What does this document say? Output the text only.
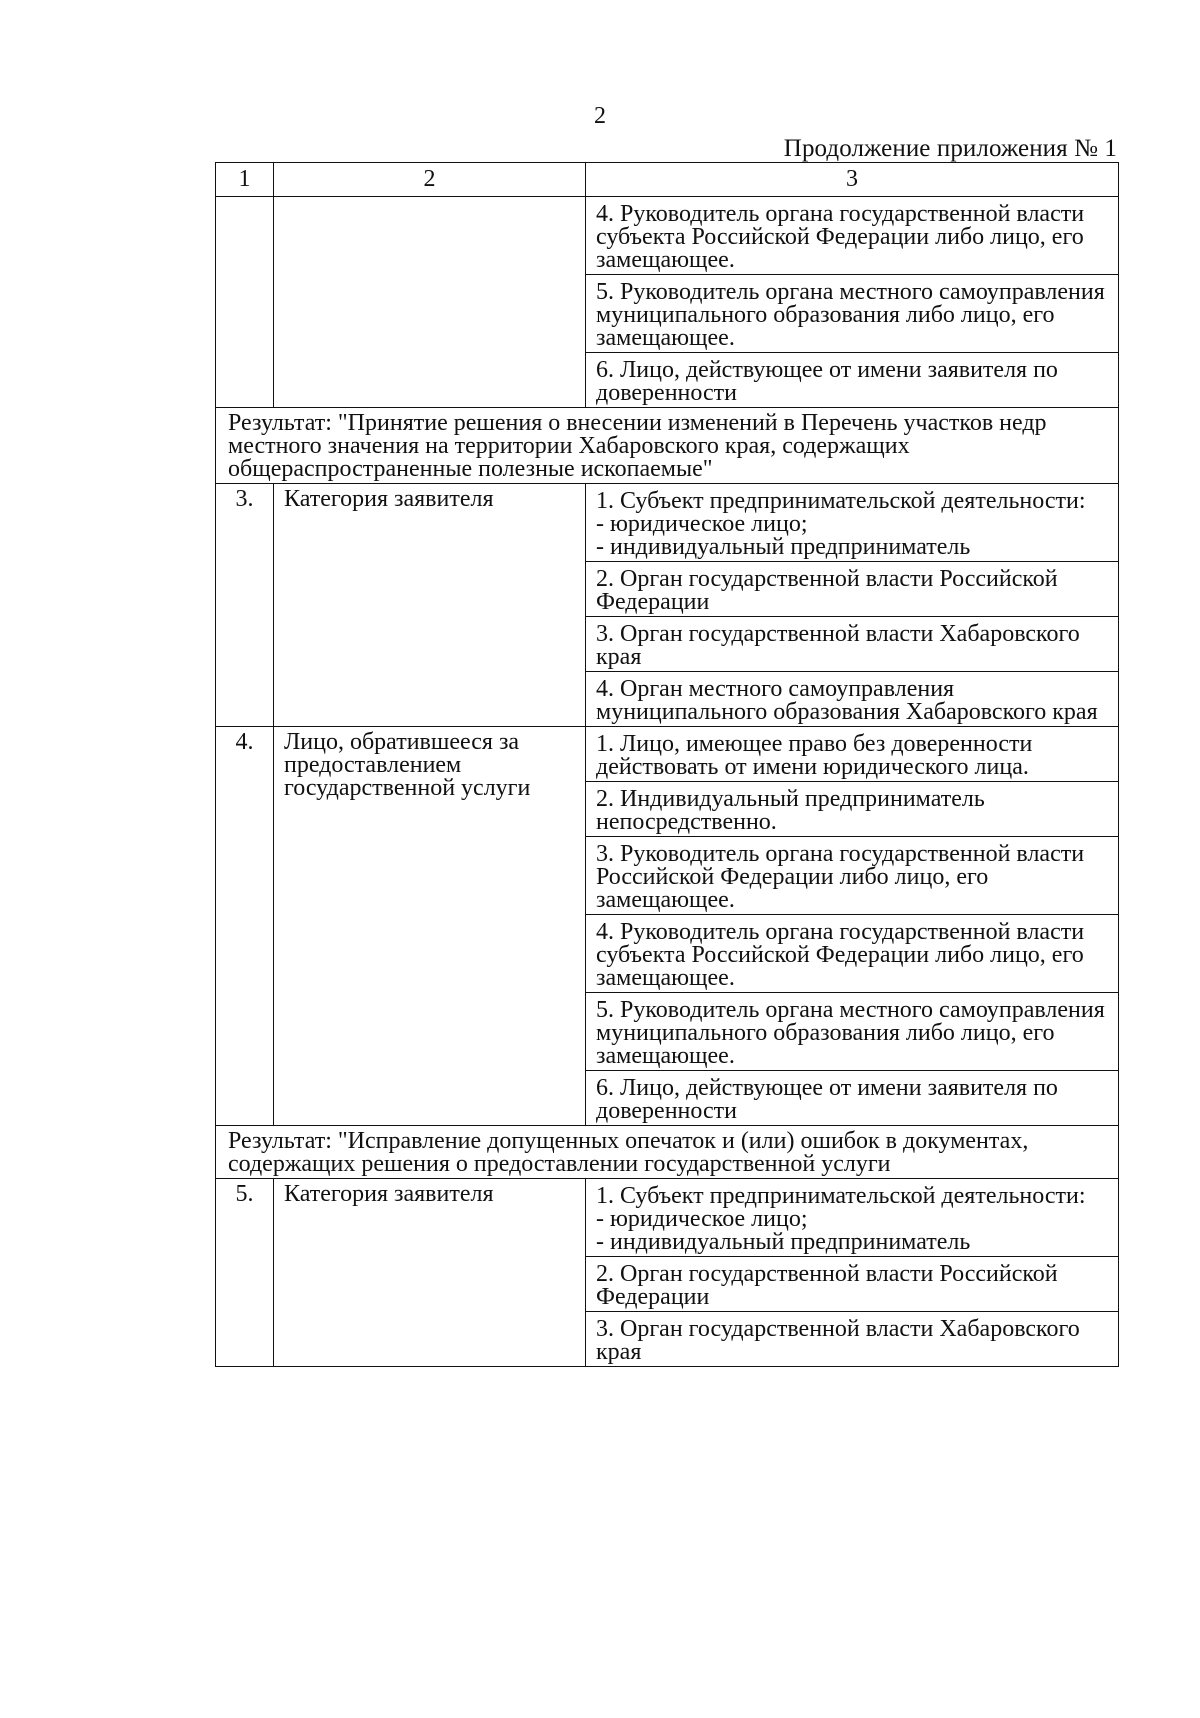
2
Продолжение приложения № 1
1	2	3
		4. Руководитель органа государственной власти субъекта Российской Федерации либо лицо, его замещающее.
		5. Руководитель органа местного самоуправления муниципального образования либо лицо, его замещающее.
		6. Лицо, действующее от имени заявителя по доверенности
Результат: "Принятие решения о внесении изменений в Перечень участков недр местного значения на территории Хабаровского края, содержащих общераспространенные полезные ископаемые"		
3.	Категория заявителя	1. Субъект предпринимательской деятельности:
- юридическое лицо;
- индивидуальный предприниматель
		2. Орган государственной власти Российской Федерации
		3. Орган государственной власти Хабаровского края
		4. Орган местного самоуправления муниципального образования Хабаровского края
4.	Лицо, обратившееся за предоставлением государственной услуги	1. Лицо, имеющее право без доверенности действовать от имени юридического лица.
		2. Индивидуальный предприниматель непосредственно.
		3. Руководитель органа государственной власти Российской Федерации либо лицо, его замещающее.
		4. Руководитель органа государственной власти субъекта Российской Федерации либо лицо, его замещающее.
		5. Руководитель органа местного самоуправления муниципального образования либо лицо, его замещающее.
		6. Лицо, действующее от имени заявителя по доверенности
Результат: "Исправление допущенных опечаток и (или) ошибок в документах, содержащих решения о предоставлении государственной услуги		
5.	Категория заявителя	1. Субъект предпринимательской деятельности:
- юридическое лицо;
- индивидуальный предприниматель
		2. Орган государственной власти Российской Федерации
		3. Орган государственной власти Хабаровского края
